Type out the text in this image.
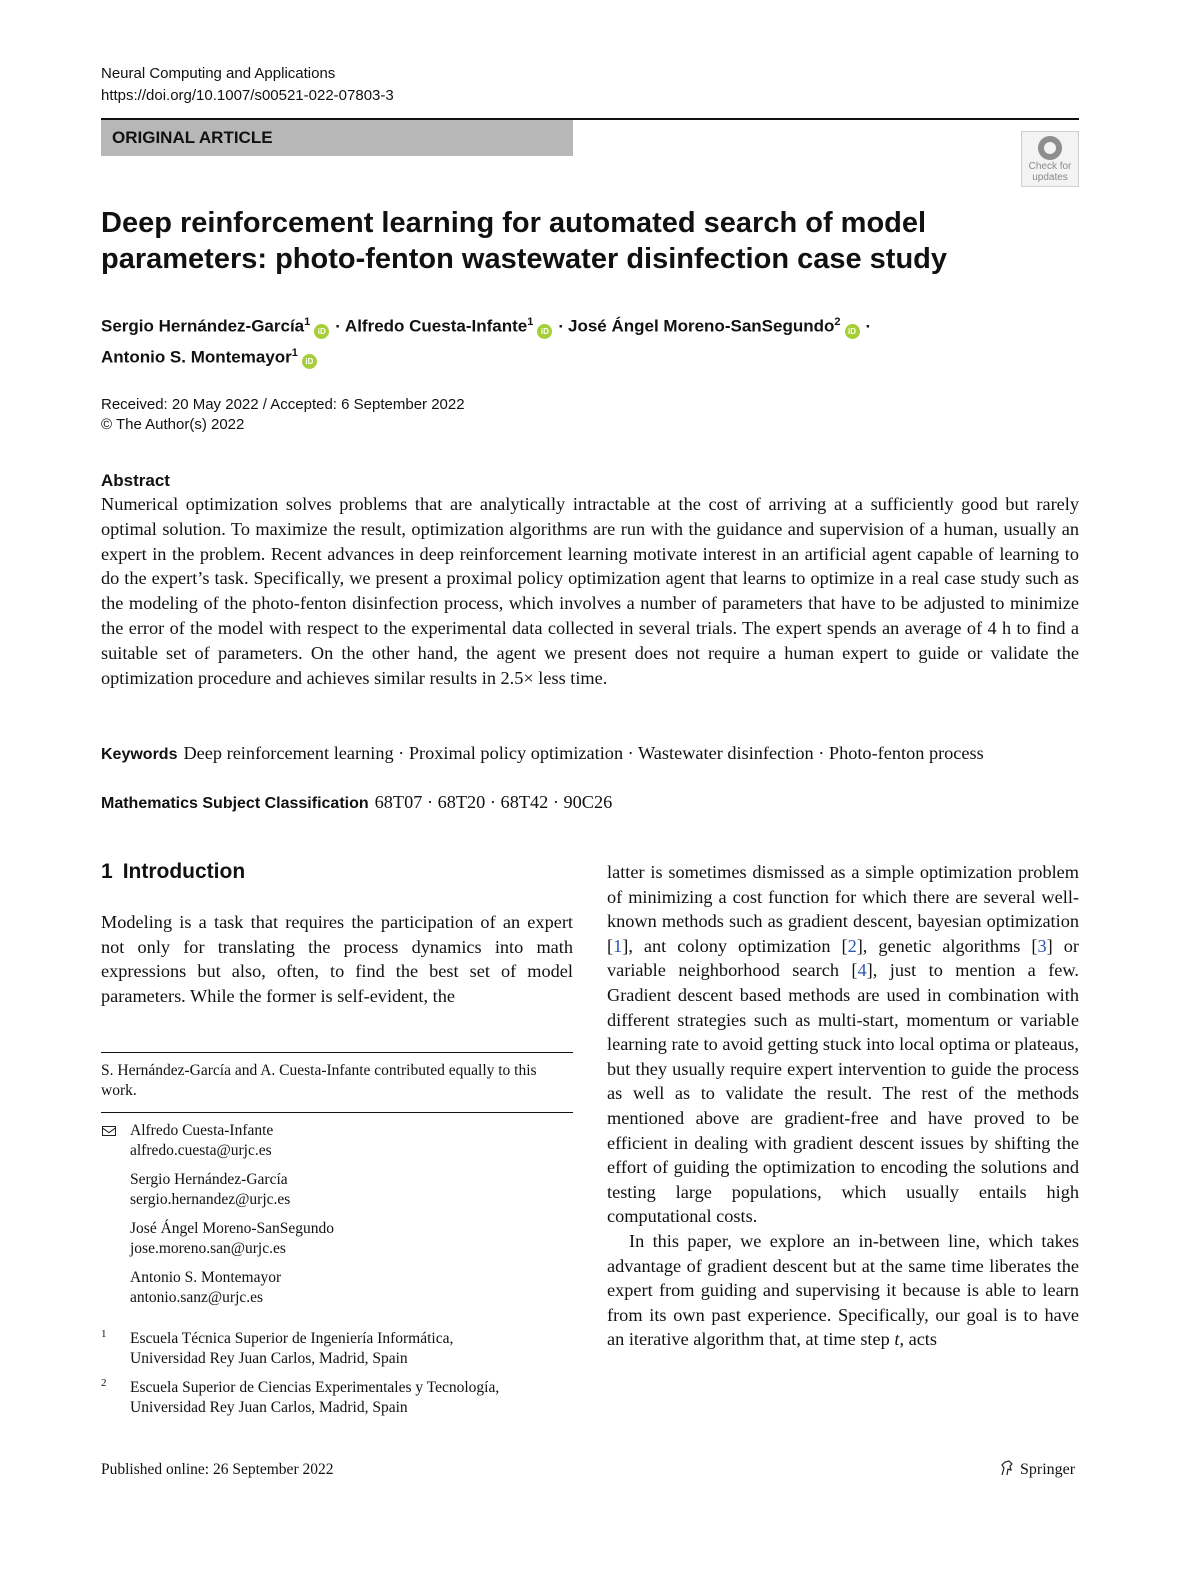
Neural Computing and Applications
https://doi.org/10.1007/s00521-022-07803-3
ORIGINAL ARTICLE
Check for
updates
Deep reinforcement learning for automated search of model
parameters: photo-fenton wastewater disinfection case study
Sergio Hernández-García$^1$iD · Alfredo Cuesta-Infante$^1$iD · José Ángel Moreno-SanSegundo$^2$iD ·
Antonio S. Montemayor$^1$iD
Received: 20 May 2022 / Accepted: 6 September 2022
© The Author(s) 2022
Abstract

Numerical optimization solves problems that are analytically intractable at the cost of arriving at a sufficiently good but rarely optimal solution. To maximize the result, optimization algorithms are run with the guidance and supervision of a human, usually an expert in the problem. Recent advances in deep reinforcement learning motivate interest in an artificial agent capable of learning to do the expert’s task. Specifically, we present a proximal policy optimization agent that learns to optimize in a real case study such as the modeling of the photo-fenton disinfection process, which involves a number of parameters that have to be adjusted to minimize the error of the model with respect to the experimental data collected in several trials. The expert spends an average of 4 h to find a suitable set of parameters. On the other hand, the agent we present does not require a human expert to guide or validate the optimization procedure and achieves similar results in 2.5× less time.

Keywords Deep reinforcement learning · Proximal policy optimization · Wastewater disinfection · Photo-fenton process
Mathematics Subject Classification 68T07 · 68T20 · 68T42 · 90C26
1 Introduction

Modeling is a task that requires the participation of an expert not only for translating the process dynamics into math expressions but also, often, to find the best set of model parameters. While the former is self-evident, the

latter is sometimes dismissed as a simple optimization problem of minimizing a cost function for which there are several well-known methods such as gradient descent, bayesian optimization [1], ant colony optimization [2], genetic algorithms [3] or variable neighborhood search [4], just to mention a few. Gradient descent based methods are used in combination with different strategies such as multi-start, momentum or variable learning rate to avoid getting stuck into local optima or plateaus, but they usually require expert intervention to guide the process as well as to validate the result. The rest of the methods mentioned above are gradient-free and have proved to be efficient in dealing with gradient descent issues by shifting the effort of guiding the optimization to encoding the solutions and testing large populations, which usually entails high computational costs.

In this paper, we explore an in-between line, which takes advantage of gradient descent but at the same time liberates the expert from guiding and supervising it because is able to learn from its own past experience. Specifically, our goal is to have an iterative algorithm that, at time step t, acts

S. Hernández-García and A. Cuesta-Infante contributed equally to this work.
Alfredo Cuesta-Infante
alfredo.cuesta@urjc.es
Sergio Hernández-García
sergio.hernandez@urjc.es
José Ángel Moreno-SanSegundo
jose.moreno.san@urjc.es
Antonio S. Montemayor
antonio.sanz@urjc.es
1 Escuela Técnica Superior de Ingeniería Informática,
Universidad Rey Juan Carlos, Madrid, Spain
2 Escuela Superior de Ciencias Experimentales y Tecnología,
Universidad Rey Juan Carlos, Madrid, Spain
Published online: 26 September 2022	Springer
